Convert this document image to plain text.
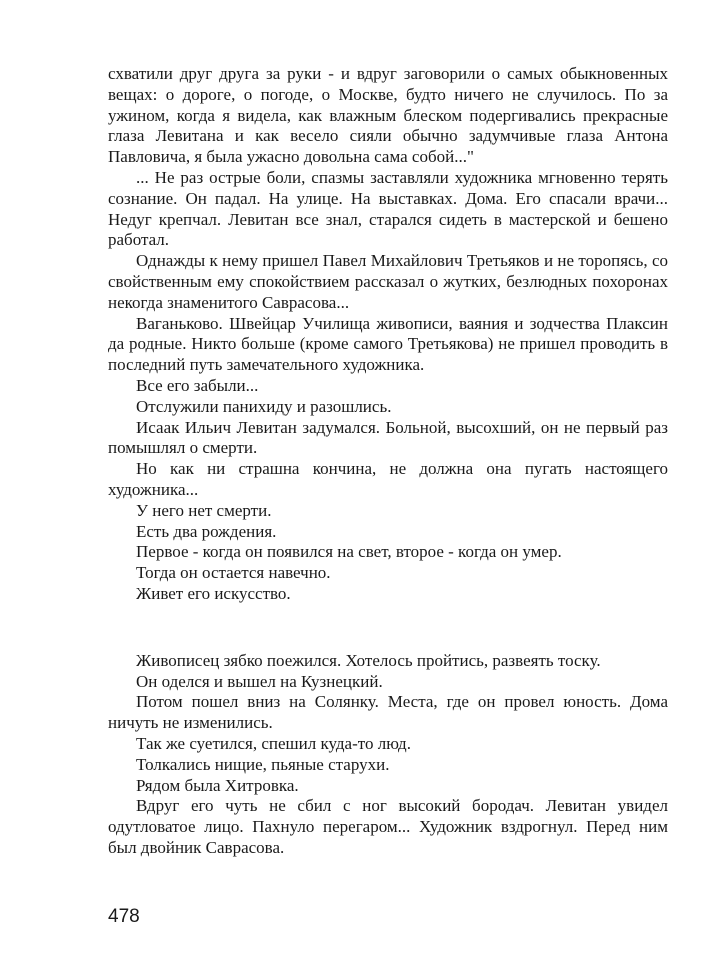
схватили друг друга за руки - и вдруг заговорили о самых обыкновенных вещах: о дороге, о погоде, о Москве, будто ничего не случилось. По за ужином, когда я видела, как влажным блеском подергивались прекрасные глаза Левитана и как весело сияли обычно задумчивые глаза Антона Павловича, я была ужасно довольна сама собой..."

... Не раз острые боли, спазмы заставляли художника мгновенно терять сознание. Он падал. На улице. На выставках. Дома. Его спасали врачи... Недуг крепчал. Левитан все знал, старался сидеть в мастерской и бешено работал.

Однажды к нему пришел Павел Михайлович Третьяков и не торопясь, со свойственным ему спокойствием рассказал о жутких, безлюдных похоронах некогда знаменитого Саврасова...

Ваганьково. Швейцар Училища живописи, ваяния и зодчества Плаксин да родные. Никто больше (кроме самого Третьякова) не пришел проводить в последний путь замечательного художника.

Все его забыли...

Отслужили панихиду и разошлись.

Исаак Ильич Левитан задумался. Больной, высохший, он не первый раз помышлял о смерти.

Но как ни страшна кончина, не должна она пугать настоящего художника...

У него нет смерти.

Есть два рождения.

Первое - когда он появился на свет, второе - когда он умер.

Тогда он остается навечно.

Живет его искусство.

Живописец зябко поежился. Хотелось пройтись, развеять тоску.

Он оделся и вышел на Кузнецкий.

Потом пошел вниз на Солянку. Места, где он провел юность. Дома ничуть не изменились.

Так же суетился, спешил куда-то люд.

Толкались нищие, пьяные старухи.

Рядом была Хитровка.

Вдруг его чуть не сбил с ног высокий бородач. Левитан увидел одутловатое лицо. Пахнуло перегаром... Художник вздрогнул. Перед ним был двойник Саврасова.

478
